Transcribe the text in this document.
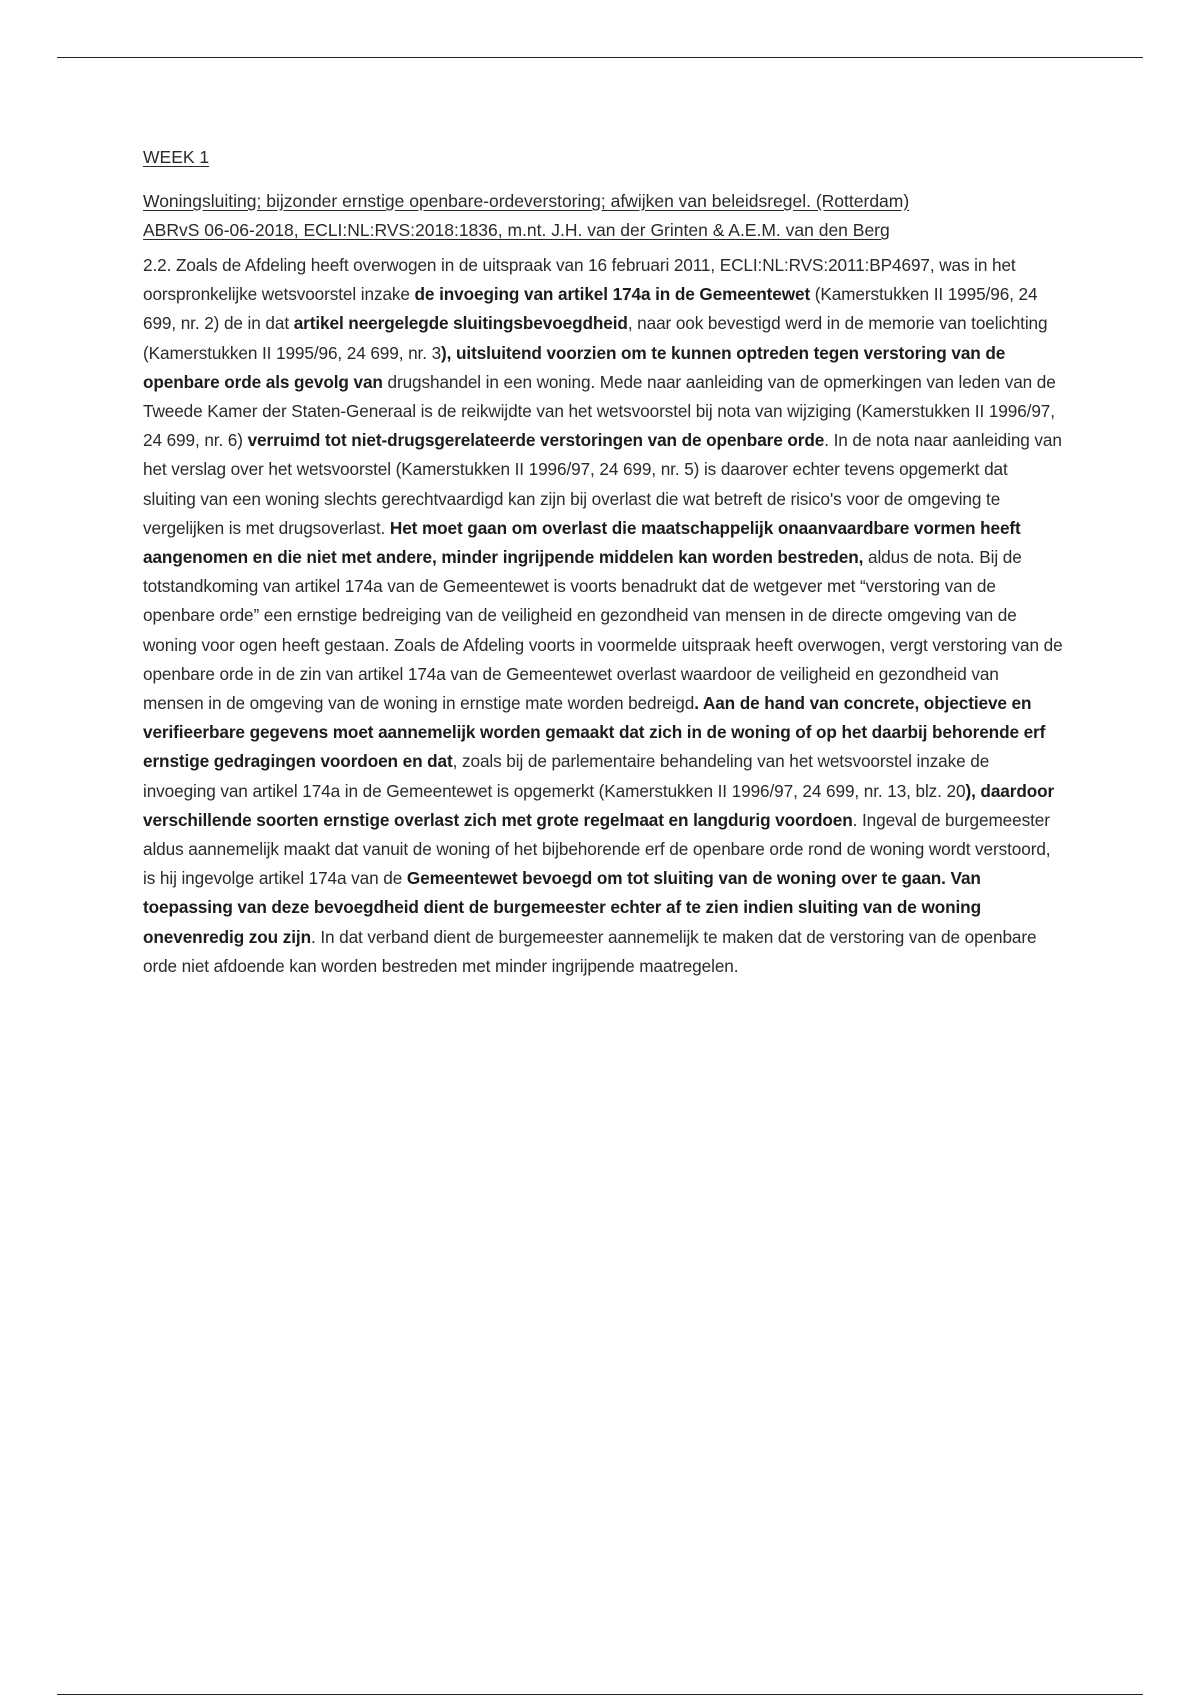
WEEK 1
Woningsluiting; bijzonder ernstige openbare-ordeverstoring; afwijken van beleidsregel. (Rotterdam)
ABRvS 06-06-2018, ECLI:NL:RVS:2018:1836, m.nt. J.H. van der Grinten & A.E.M. van den Berg

2.2. Zoals de Afdeling heeft overwogen in de uitspraak van 16 februari 2011, ECLI:NL:RVS:2011:BP4697, was in het oorspronkelijke wetsvoorstel inzake de invoeging van artikel 174a in de Gemeentewet (Kamerstukken II 1995/96, 24 699, nr. 2) de in dat artikel neergelegde sluitingsbevoegdheid, naar ook bevestigd werd in de memorie van toelichting (Kamerstukken II 1995/96, 24 699, nr. 3), uitsluitend voorzien om te kunnen optreden tegen verstoring van de openbare orde als gevolg van drugshandel in een woning. Mede naar aanleiding van de opmerkingen van leden van de Tweede Kamer der Staten-Generaal is de reikwijdte van het wetsvoorstel bij nota van wijziging (Kamerstukken II 1996/97, 24 699, nr. 6) verruimd tot niet-drugsgerelateerde verstoringen van de openbare orde. In de nota naar aanleiding van het verslag over het wetsvoorstel (Kamerstukken II 1996/97, 24 699, nr. 5) is daarover echter tevens opgemerkt dat sluiting van een woning slechts gerechtvaardigd kan zijn bij overlast die wat betreft de risico's voor de omgeving te vergelijken is met drugsoverlast. Het moet gaan om overlast die maatschappelijk onaanvaardbare vormen heeft aangenomen en die niet met andere, minder ingrijpende middelen kan worden bestreden, aldus de nota. Bij de totstandkoming van artikel 174a van de Gemeentewet is voorts benadrukt dat de wetgever met “verstoring van de openbare orde” een ernstige bedreiging van de veiligheid en gezondheid van mensen in de directe omgeving van de woning voor ogen heeft gestaan. Zoals de Afdeling voorts in voormelde uitspraak heeft overwogen, vergt verstoring van de openbare orde in de zin van artikel 174a van de Gemeentewet overlast waardoor de veiligheid en gezondheid van mensen in de omgeving van de woning in ernstige mate worden bedreigd. Aan de hand van concrete, objectieve en verifieerbare gegevens moet aannemelijk worden gemaakt dat zich in de woning of op het daarbij behorende erf ernstige gedragingen voordoen en dat, zoals bij de parlementaire behandeling van het wetsvoorstel inzake de invoeging van artikel 174a in de Gemeentewet is opgemerkt (Kamerstukken II 1996/97, 24 699, nr. 13, blz. 20), daardoor verschillende soorten ernstige overlast zich met grote regelmaat en langdurig voordoen. Ingeval de burgemeester aldus aannemelijk maakt dat vanuit de woning of het bijbehorende erf de openbare orde rond de woning wordt verstoord, is hij ingevolge artikel 174a van de Gemeentewet bevoegd om tot sluiting van de woning over te gaan. Van toepassing van deze bevoegdheid dient de burgemeester echter af te zien indien sluiting van de woning onevenredig zou zijn. In dat verband dient de burgemeester aannemelijk te maken dat de verstoring van de openbare orde niet afdoende kan worden bestreden met minder ingrijpende maatregelen.
